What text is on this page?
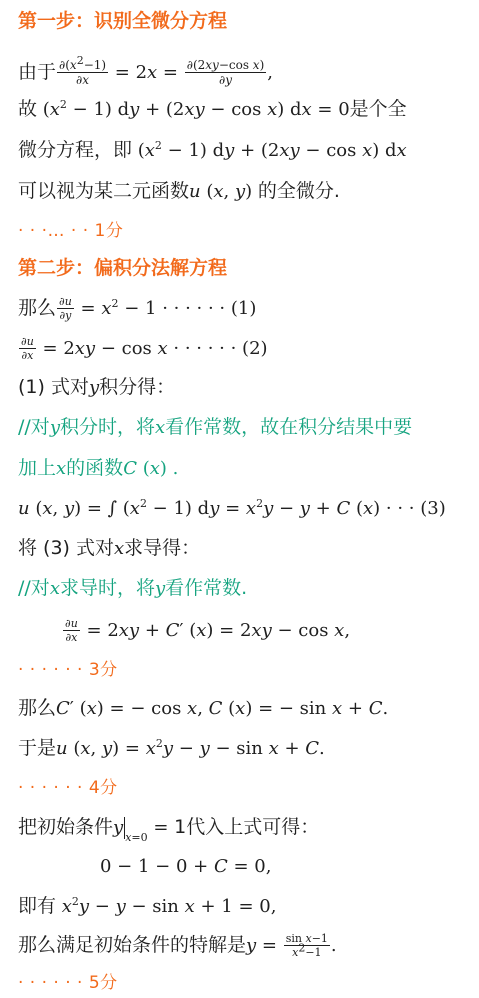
第一步：识别全微分方程
由于 $\frac{\partial(x^2-1)}{\partial x} = 2x = \frac{\text{∂(2xy−cos x)}}{\partial y}$ ,
故 $(x^2 - 1)$ dy + (2xy − cos x) dx = 0是个全
微分方程，即 $(x^2 - 1)$ dy + (2xy − cos x) dx
可以视为某二元函数u (x, y) 的全微分.
· · ·… · · 1分
第二步：偏积分法解方程
那么 $\frac{\partial u}{\partial y} = x^2 - 1$ · · · · · · (1)
$\frac{\partial u}{\partial x} = 2xy - \cos x$ · · · · · · (2)
(1) 式对y积分得：
//对y积分时，将x看作常数，故在积分结果中要
加上x的函数C (x) .
u (x, y) = ∫ $(x^2 - 1)$ dy = $x^2y - y + C$ (x) · · · (3)
将 (3) 式对x求导得：
//对x求导时，将y看作常数.
$\frac{\partial u}{\partial x} = 2xy + C'$ (x) = 2xy − cos x,
· · · · · · 3分
那么C′ (x) = − cos x, C (x) = − sin x + C.
于是u (x, $y) = x^2y - y - \sin x + C$.
· · · · · · 4分
把初始条件y $_{x=0}$ = 1代入上式可得：
0 − 1 − 0 + C = 0,
即有 $x^2y - y - \sin x + 1 = 0$,
那么满足初始条件的特解是$y = \frac{\text{sin x−1}}{x^2-1}$ .
· · · · · · 5分
